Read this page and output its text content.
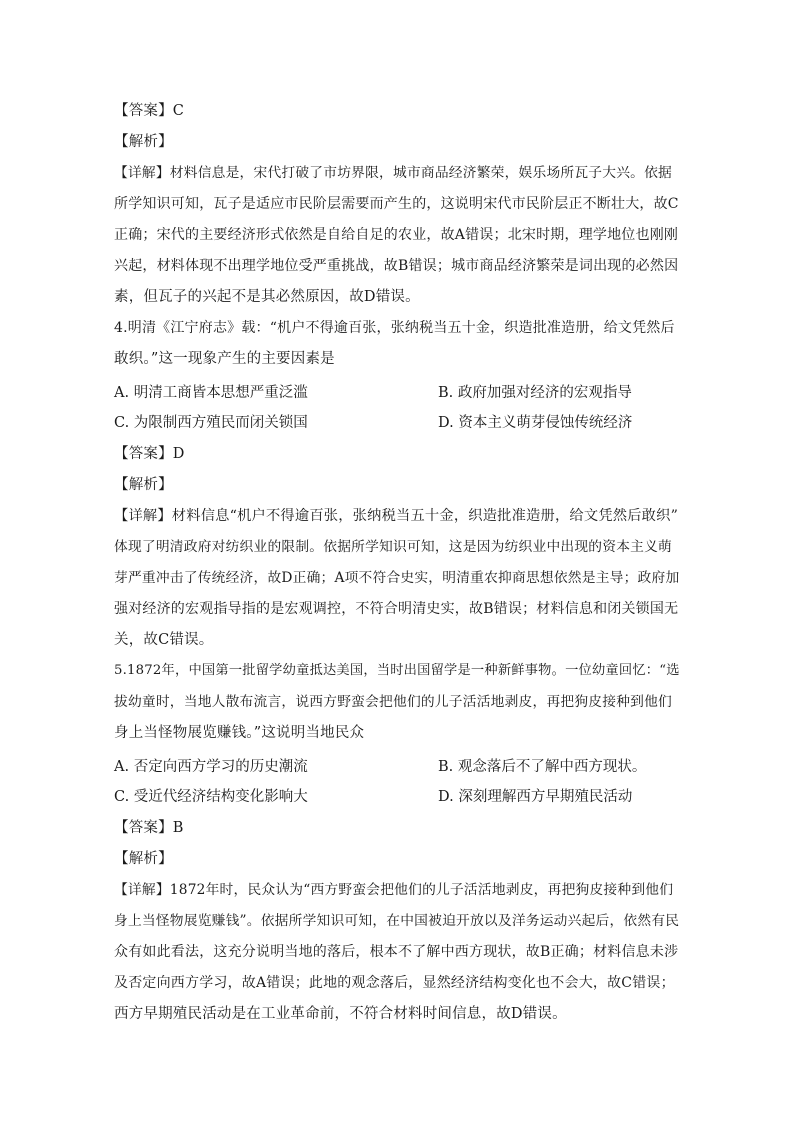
【答案】C
【解析】
【详解】材料信息是，宋代打破了市坊界限，城市商品经济繁荣，娱乐场所瓦子大兴。依据
所学知识可知，瓦子是适应市民阶层需要而产生的，这说明宋代市民阶层正不断壮大，故C
正确；宋代的主要经济形式依然是自给自足的农业，故A错误；北宋时期，理学地位也刚刚
兴起，材料体现不出理学地位受严重挑战，故B错误；城市商品经济繁荣是词出现的必然因
素，但瓦子的兴起不是其必然原因，故D错误。
4.明清《江宁府志》载：“机户不得逾百张，张纳税当五十金，织造批准造册，给文凭然后
敢织。”这一现象产生的主要因素是
A. 明清工商皆本思想严重泛滥	B. 政府加强对经济的宏观指导
C. 为限制西方殖民而闭关锁国	D. 资本主义萌芽侵蚀传统经济
【答案】D
【解析】
【详解】材料信息“机户不得逾百张，张纳税当五十金，织造批准造册，给文凭然后敢织”
体现了明清政府对纺织业的限制。依据所学知识可知，这是因为纺织业中出现的资本主义萌
芽严重冲击了传统经济，故D正确；A项不符合史实，明清重农抑商思想依然是主导；政府加
强对经济的宏观指导指的是宏观调控，不符合明清史实，故B错误；材料信息和闭关锁国无
关，故C错误。
5.1872年，中国第一批留学幼童抵达美国，当时出国留学是一种新鲜事物。一位幼童回忆：“选
拔幼童时，当地人散布流言，说西方野蛮会把他们的儿子活活地剥皮，再把狗皮接种到他们
身上当怪物展览赚钱。”这说明当地民众
A. 否定向西方学习的历史潮流	B. 观念落后不了解中西方现状。
C. 受近代经济结构变化影响大	D. 深刻理解西方早期殖民活动
【答案】B
【解析】
【详解】1872年时，民众认为“西方野蛮会把他们的儿子活活地剥皮，再把狗皮接种到他们
身上当怪物展览赚钱”。依据所学知识可知，在中国被迫开放以及洋务运动兴起后，依然有民
众有如此看法，这充分说明当地的落后，根本不了解中西方现状，故B正确；材料信息未涉
及否定向西方学习，故A错误；此地的观念落后，显然经济结构变化也不会大，故C错误；
西方早期殖民活动是在工业革命前，不符合材料时间信息，故D错误。
